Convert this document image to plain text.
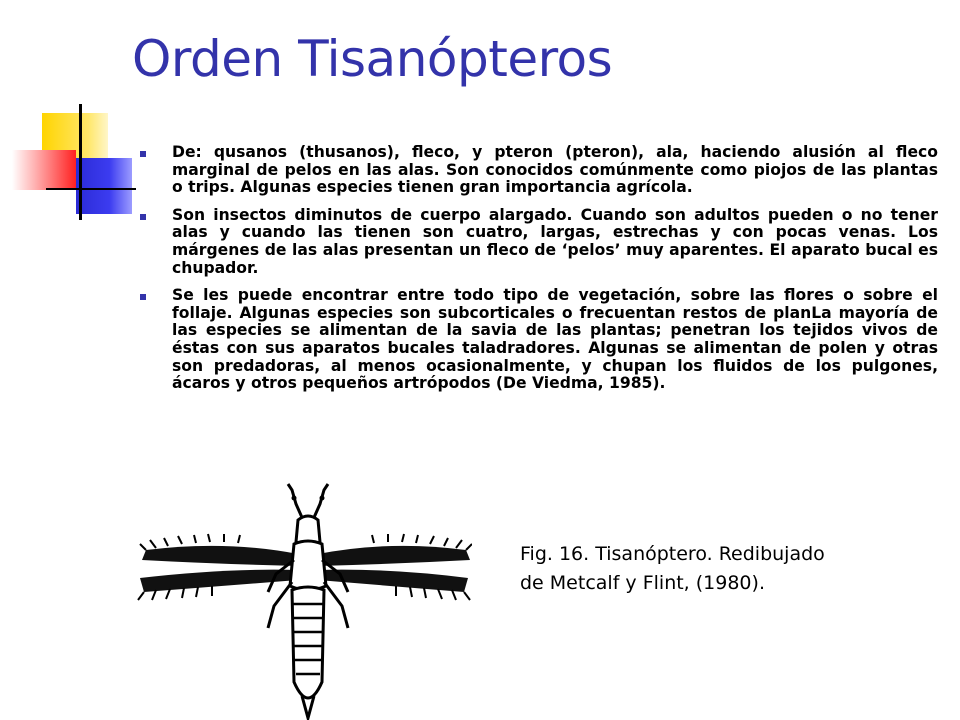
Orden Tisanópteros
De: qusanos (thusanos), fleco, y pteron (pteron), ala, haciendo alusión al fleco marginal de pelos en las alas. Son conocidos comúnmente como piojos de las plantas o trips. Algunas especies tienen gran importancia agrícola.
Son insectos diminutos de cuerpo alargado. Cuando son adultos pueden o no tener alas y cuando las tienen son cuatro, largas, estrechas y con pocas venas. Los márgenes de las alas presentan un fleco de ‘pelos’ muy aparentes. El aparato bucal es chupador.
Se les puede encontrar entre todo tipo de vegetación, sobre las flores o sobre el follaje. Algunas especies son subcorticales o frecuentan restos de planLa mayoría de las especies se alimentan de la savia de las plantas; penetran los tejidos vivos de éstas con sus aparatos bucales taladradores. Algunas se alimentan de polen y otras son predadoras, al menos ocasionalmente, y chupan los fluidos de los pulgones, ácaros y otros pequeños artrópodos (De Viedma, 1985).
Fig. 16. Tisanóptero. Redibujado
de Metcalf y Flint, (1980).
